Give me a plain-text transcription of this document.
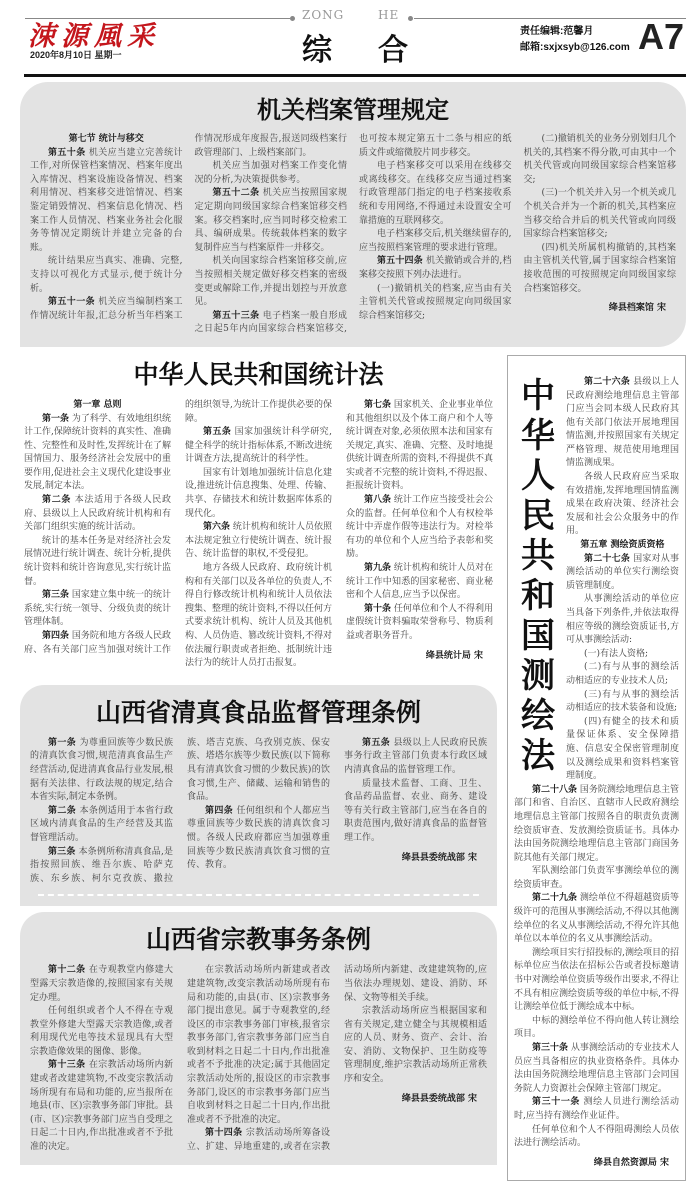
涑源風采
2020年8月10日 星期一
ZONG	HE
综 合
责任编辑:范馨月
邮箱:sxjxsyb@126.com A7
机关档案管理规定
第七节 统计与移交

第五十条 机关应当建立完善统计工作,对所保管档案情况、档案年度出入库情况、档案设施设备情况、档案利用情况、档案移交进馆情况、档案鉴定销毁情况、档案信息化情况、档案工作人员情况、档案业务社会化服务等情况定期统计并建立完备的台账。

统计结果应当真实、准确、完整,支持以可视化方式显示,便于统计分析。

第五十一条 机关应当编制档案工作情况统计年报,汇总分析当年档案工作情况形成年度报告,报送同级档案行政管理部门、上级档案部门。

机关应当加强对档案工作变化情况的分析,为决策提供参考。

第五十二条 机关应当按照国家规定定期向同级国家综合档案馆移交档案。移交档案时,应当同时移交检索工具、编研成果。传统载体档案的数字复制件应当与档案原件一并移交。

机关向国家综合档案馆移交前,应当按照相关规定做好移交档案的密级变更或解除工作,并提出划控与开放意见。

第五十三条 电子档案一般自形成之日起5年内向国家综合档案馆移交,也可按本规定第五十二条与相应的纸质文件或缩微胶片同步移交。

电子档案移交可以采用在线移交或离线移交。在线移交应当通过档案行政管理部门指定的电子档案接收系统和专用网络,不得通过未设置安全可靠措施的互联网移交。

电子档案移交后,机关继续留存的,应当按照档案管理的要求进行管理。

第五十四条 机关撤销或合并的,档案移交按照下列办法进行。

(一)撤销机关的档案,应当由有关主管机关代管或按照规定向同级国家综合档案馆移交;

(二)撤销机关的业务分别划归几个机关的,其档案不得分散,可由其中一个机关代管或向同级国家综合档案馆移交;

(三)一个机关并入另一个机关或几个机关合并为一个新的机关,其档案应当移交给合并后的机关代管或向同级国家综合档案馆移交;

(四)机关所属机构撤销的,其档案由主管机关代管,属于国家综合档案馆接收范围的可按照规定向同级国家综合档案馆移交。

绛县档案馆 宋

中华人民共和国统计法
第一章 总则

第一条 为了科学、有效地组织统计工作,保障统计资料的真实性、准确性、完整性和及时性,发挥统计在了解国情国力、服务经济社会发展中的重要作用,促进社会主义现代化建设事业发展,制定本法。

第二条 本法适用于各级人民政府、县级以上人民政府统计机构和有关部门组织实施的统计活动。

统计的基本任务是对经济社会发展情况进行统计调查、统计分析,提供统计资料和统计咨询意见,实行统计监督。

第三条 国家建立集中统一的统计系统,实行统一领导、分级负责的统计管理体制。

第四条 国务院和地方各级人民政府、各有关部门应当加强对统计工作的组织领导,为统计工作提供必要的保障。

第五条 国家加强统计科学研究,健全科学的统计指标体系,不断改进统计调查方法,提高统计的科学性。

国家有计划地加强统计信息化建设,推进统计信息搜集、处理、传输、共享、存储技术和统计数据库体系的现代化。

第六条 统计机构和统计人员依照本法规定独立行使统计调查、统计报告、统计监督的职权,不受侵犯。

地方各级人民政府、政府统计机构和有关部门以及各单位的负责人,不得自行修改统计机构和统计人员依法搜集、整理的统计资料,不得以任何方式要求统计机构、统计人员及其他机构、人员伪造、篡改统计资料,不得对依法履行职责或者拒绝、抵制统计违法行为的统计人员打击报复。

第七条 国家机关、企业事业单位和其他组织以及个体工商户和个人等统计调查对象,必须依照本法和国家有关规定,真实、准确、完整、及时地提供统计调查所需的资料,不得提供不真实或者不完整的统计资料,不得迟报、拒报统计资料。

第八条 统计工作应当接受社会公众的监督。任何单位和个人有权检举统计中弄虚作假等违法行为。对检举有功的单位和个人应当给予表彰和奖励。

第九条 统计机构和统计人员对在统计工作中知悉的国家秘密、商业秘密和个人信息,应当予以保密。

第十条 任何单位和个人不得利用虚假统计资料骗取荣誉称号、物质利益或者职务晋升。

绛县统计局 宋

山西省清真食品监督管理条例

第一条 为尊重回族等少数民族的清真饮食习惯,规范清真食品生产经营活动,促进清真食品行业发展,根据有关法律、行政法规的规定,结合本省实际,制定本条例。

第二条 本条例适用于本省行政区域内清真食品的生产经营及其监督管理活动。

第三条 本条例所称清真食品,是指按照回族、维吾尔族、哈萨克族、东乡族、柯尔克孜族、撒拉族、塔吉克族、乌孜别克族、保安族、塔塔尔族等少数民族(以下简称具有清真饮食习惯的少数民族)的饮食习惯,生产、储藏、运输和销售的食品。

第四条 任何组织和个人都应当尊重回族等少数民族的清真饮食习惯。各级人民政府都应当加强尊重回族等少数民族清真饮食习惯的宣传、教育。

第五条 县级以上人民政府民族事务行政主管部门负责本行政区域内清真食品的监督管理工作。

质量技术监督、工商、卫生、食品药品监督、农业、商务、建设等有关行政主管部门,应当在各自的职责范围内,做好清真食品的监督管理工作。

绛县县委统战部 宋

山西省宗教事务条例

第十二条 在寺观教堂内修建大型露天宗教造像的,按照国家有关规定办理。

任何组织或者个人不得在寺观教堂外修建大型露天宗教造像,或者利用现代光电等技术显现具有大型宗教造像效果的图像、影像。

第十三条 在宗教活动场所内新建或者改建建筑物,不改变宗教活动场所现有布局和功能的,应当报所在地县(市、区)宗教事务部门审批。县(市、区)宗教事务部门应当自受理之日起二十日内,作出批准或者不予批准的决定。

在宗教活动场所内新建或者改建建筑物,改变宗教活动场所现有布局和功能的,由县(市、区)宗教事务部门提出意见。属于寺观教堂的,经设区的市宗教事务部门审核,报省宗教事务部门,省宗教事务部门应当自收到材料之日起二十日内,作出批准或者不予批准的决定;属于其他固定宗教活动处所的,报设区的市宗教事务部门,设区的市宗教事务部门应当自收到材料之日起二十日内,作出批准或者不予批准的决定。

第十四条 宗教活动场所筹备设立、扩建、异地重建的,或者在宗教活动场所内新建、改建建筑物的,应当依法办理规划、建设、消防、环保、文物等相关手续。

宗教活动场所应当根据国家和省有关规定,建立健全与其规模相适应的人员、财务、资产、会计、治安、消防、文物保护、卫生防疫等管理制度,维护宗教活动场所正常秩序和安全。

绛县县委统战部 宋

中华人民共和国测绘法

第二十六条 县级以上人民政府测绘地理信息主管部门应当会同本级人民政府其他有关部门依法开展地理国情监测,并按照国家有关规定严格管理、规范使用地理国情监测成果。

各级人民政府应当采取有效措施,发挥地理国情监测成果在政府决策、经济社会发展和社会公众服务中的作用。

第五章 测绘资质资格

第二十七条 国家对从事测绘活动的单位实行测绘资质管理制度。

从事测绘活动的单位应当具备下列条件,并依法取得相应等级的测绘资质证书,方可从事测绘活动:

(一)有法人资格;

(二)有与从事的测绘活动相适应的专业技术人员;

(三)有与从事的测绘活动相适应的技术装备和设施;

(四)有健全的技术和质量保证体系、安全保障措施、信息安全保密管理制度以及测绘成果和资料档案管理制度。

第二十八条 国务院测绘地理信息主管部门和省、自治区、直辖市人民政府测绘地理信息主管部门按照各自的职责负责测绘资质审查、发放测绘资质证书。具体办法由国务院测绘地理信息主管部门商国务院其他有关部门规定。

军队测绘部门负责军事测绘单位的测绘资质审查。

第二十九条 测绘单位不得超越资质等级许可的范围从事测绘活动,不得以其他测绘单位的名义从事测绘活动,不得允许其他单位以本单位的名义从事测绘活动。

测绘项目实行招投标的,测绘项目的招标单位应当依法在招标公告或者投标邀请书中对测绘单位资质等级作出要求,不得让不具有相应测绘资质等级的单位中标,不得让测绘单位低于测绘成本中标。

中标的测绘单位不得向他人转让测绘项目。

第三十条 从事测绘活动的专业技术人员应当具备相应的执业资格条件。具体办法由国务院测绘地理信息主管部门会同国务院人力资源社会保障主管部门规定。

第三十一条 测绘人员进行测绘活动时,应当持有测绘作业证件。

任何单位和个人不得阻碍测绘人员依法进行测绘活动。

绛县自然资源局 宋
